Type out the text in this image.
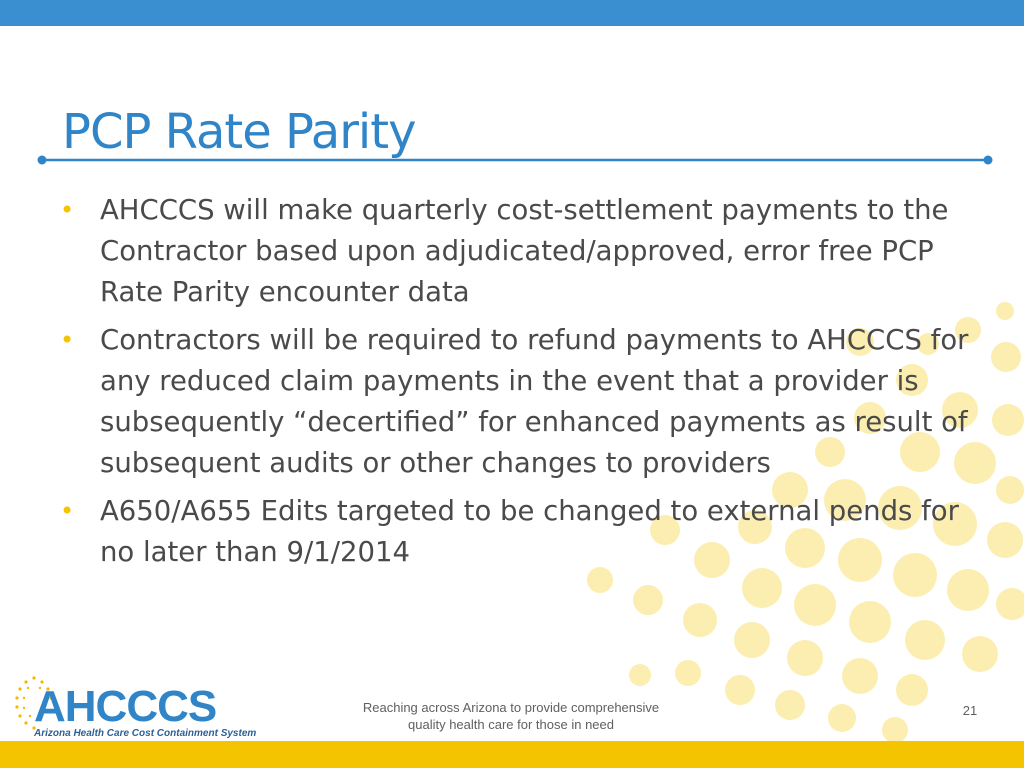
PCP Rate Parity
• AHCCCS will make quarterly cost-settlement payments to the Contractor based upon adjudicated/approved, error free PCP Rate Parity encounter data
• Contractors will be required to refund payments to AHCCCS for any reduced claim payments in the event that a provider is subsequently “decertified” for enhanced payments as result of subsequent audits or other changes to providers
• A650/A655 Edits targeted to be changed to external pends for no later than 9/1/2014
AHCCCS
Arizona Health Care Cost Containment System
Reaching across Arizona to provide comprehensive
quality health care for those in need
21
